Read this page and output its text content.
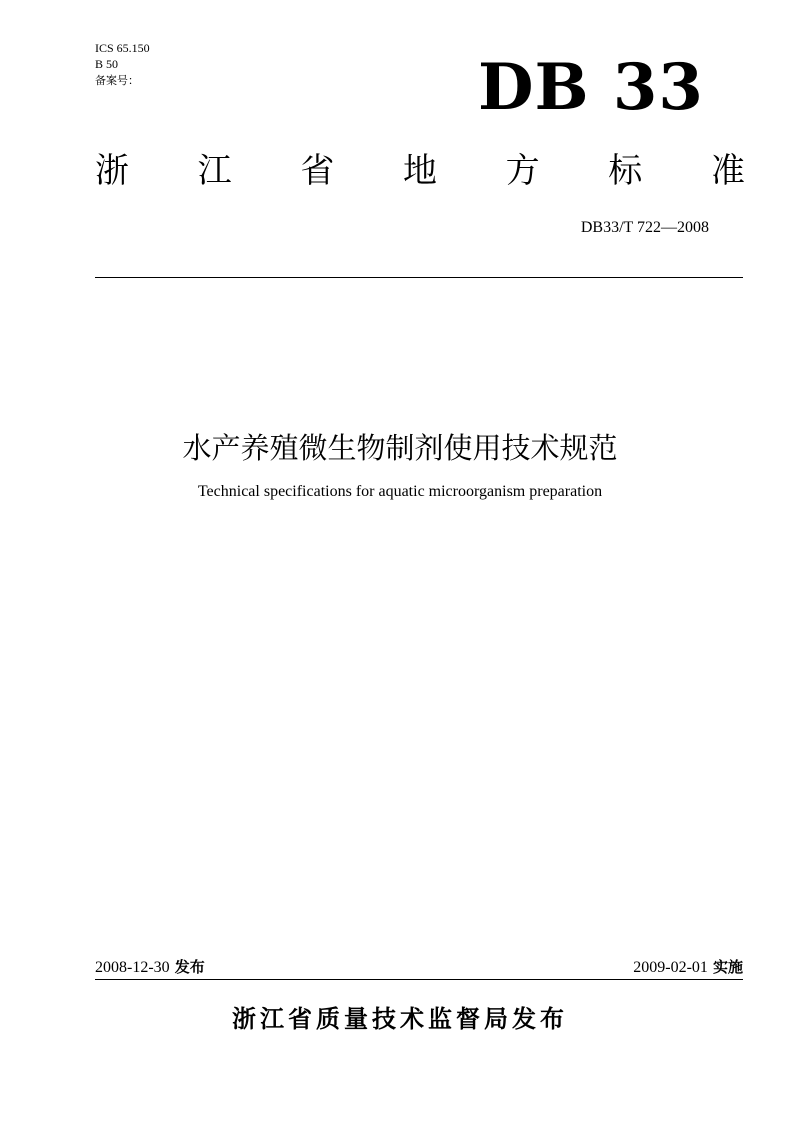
ICS 65.150
B 50
备案号：	DB 33
浙 江 省 地 方 标 准
DB33/T 722—2008
水产养殖微生物制剂使用技术规范
Technical specifications for aquatic microorganism preparation
2008-12-30 发布	2009-02-01 实施
浙江省质量技术监督局发布
